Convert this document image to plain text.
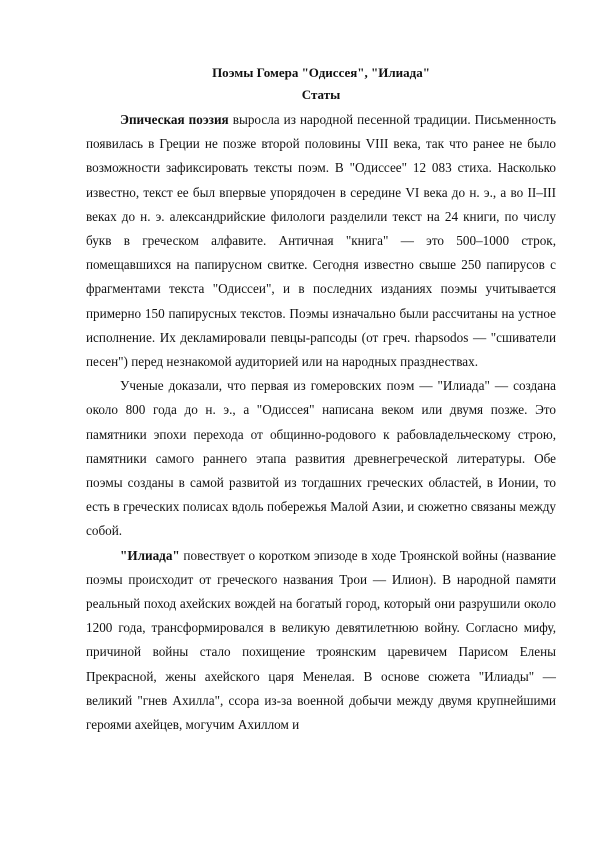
Поэмы Гомера "Одиссея", "Илиада"
Статы

Эпическая поэзия выросла из народной песенной традиции. Письменность появилась в Греции не позже второй половины VIII века, так что ранее не было возможности зафиксировать тексты поэм. В "Одиссее" 12 083 стиха. Насколько известно, текст ее был впервые упорядочен в середине VI века до н. э., а во II–III веках до н. э. александрийские филологи разделили текст на 24 книги, по числу букв в греческом алфавите. Античная "книга" — это 500–1000 строк, помещавшихся на папирусном свитке. Сегодня известно свыше 250 папирусов с фрагментами текста "Одиссеи", и в последних изданиях поэмы учитывается примерно 150 папирусных текстов. Поэмы изначально были рассчитаны на устное исполнение. Их декламировали певцы-рапсоды (от греч. rhapsodos — "сшиватели песен") перед незнакомой аудиторией или на народных празднествах.

Ученые доказали, что первая из гомеровских поэм — "Илиада" — создана около 800 года до н. э., а "Одиссея" написана веком или двумя позже. Это памятники эпохи перехода от общинно-родового к рабовладельческому строю, памятники самого раннего этапа развития древнегреческой литературы. Обе поэмы созданы в самой развитой из тогдашних греческих областей, в Ионии, то есть в греческих полисах вдоль побережья Малой Азии, и сюжетно связаны между собой.

"Илиада" повествует о коротком эпизоде в ходе Троянской войны (название поэмы происходит от греческого названия Трои — Илион). В народной памяти реальный поход ахейских вождей на богатый город, который они разрушили около 1200 года, трансформировался в великую девятилетнюю войну. Согласно мифу, причиной войны стало похищение троянским царевичем Парисом Елены Прекрасной, жены ахейского царя Менелая. В основе сюжета "Илиады" — великий "гнев Ахилла", ссора из-за военной добычи между двумя крупнейшими героями ахейцев, могучим Ахиллом и
